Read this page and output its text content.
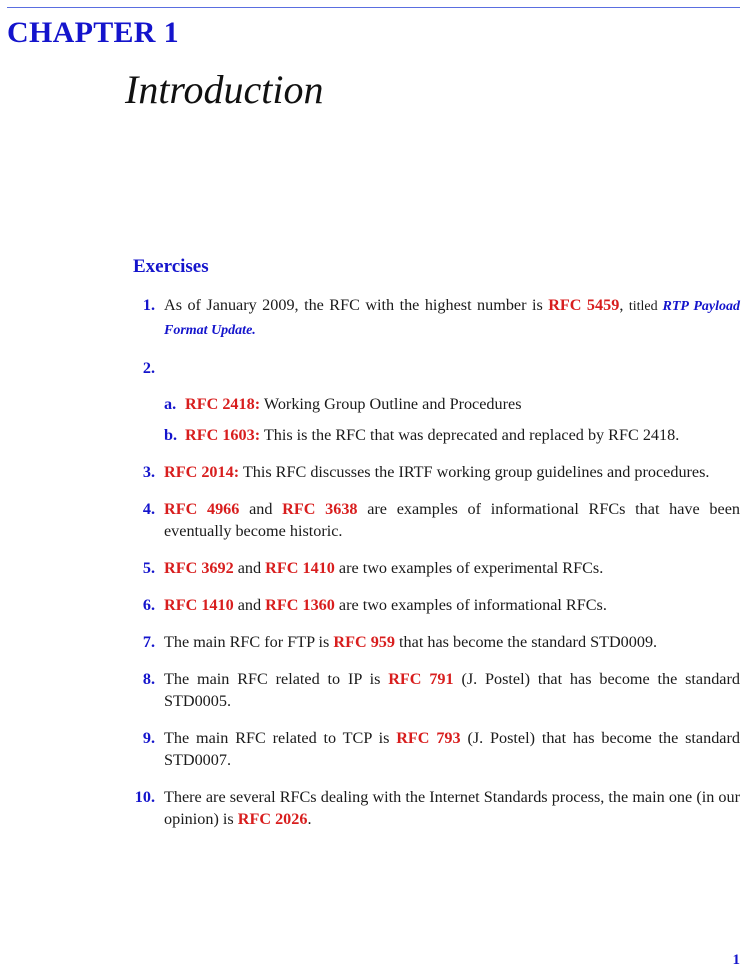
CHAPTER 1
Introduction
Exercises
1. As of January 2009, the RFC with the highest number is RFC 5459, titled RTP Payload Format Update.
2.

a. RFC 2418: Working Group Outline and Procedures
b. RFC 1603: This is the RFC that was deprecated and replaced by RFC 2418.
3. RFC 2014: This RFC discusses the IRTF working group guidelines and procedures.
4. RFC 4966 and RFC 3638 are examples of informational RFCs that have been eventually become historic.
5. RFC 3692 and RFC 1410 are two examples of experimental RFCs.
6. RFC 1410 and RFC 1360 are two examples of informational RFCs.
7. The main RFC for FTP is RFC 959 that has become the standard STD0009.
8. The main RFC related to IP is RFC 791 (J. Postel) that has become the standard STD0005.
9. The main RFC related to TCP is RFC 793 (J. Postel) that has become the standard STD0007.
10. There are several RFCs dealing with the Internet Standards process, the main one (in our opinion) is RFC 2026.
1
